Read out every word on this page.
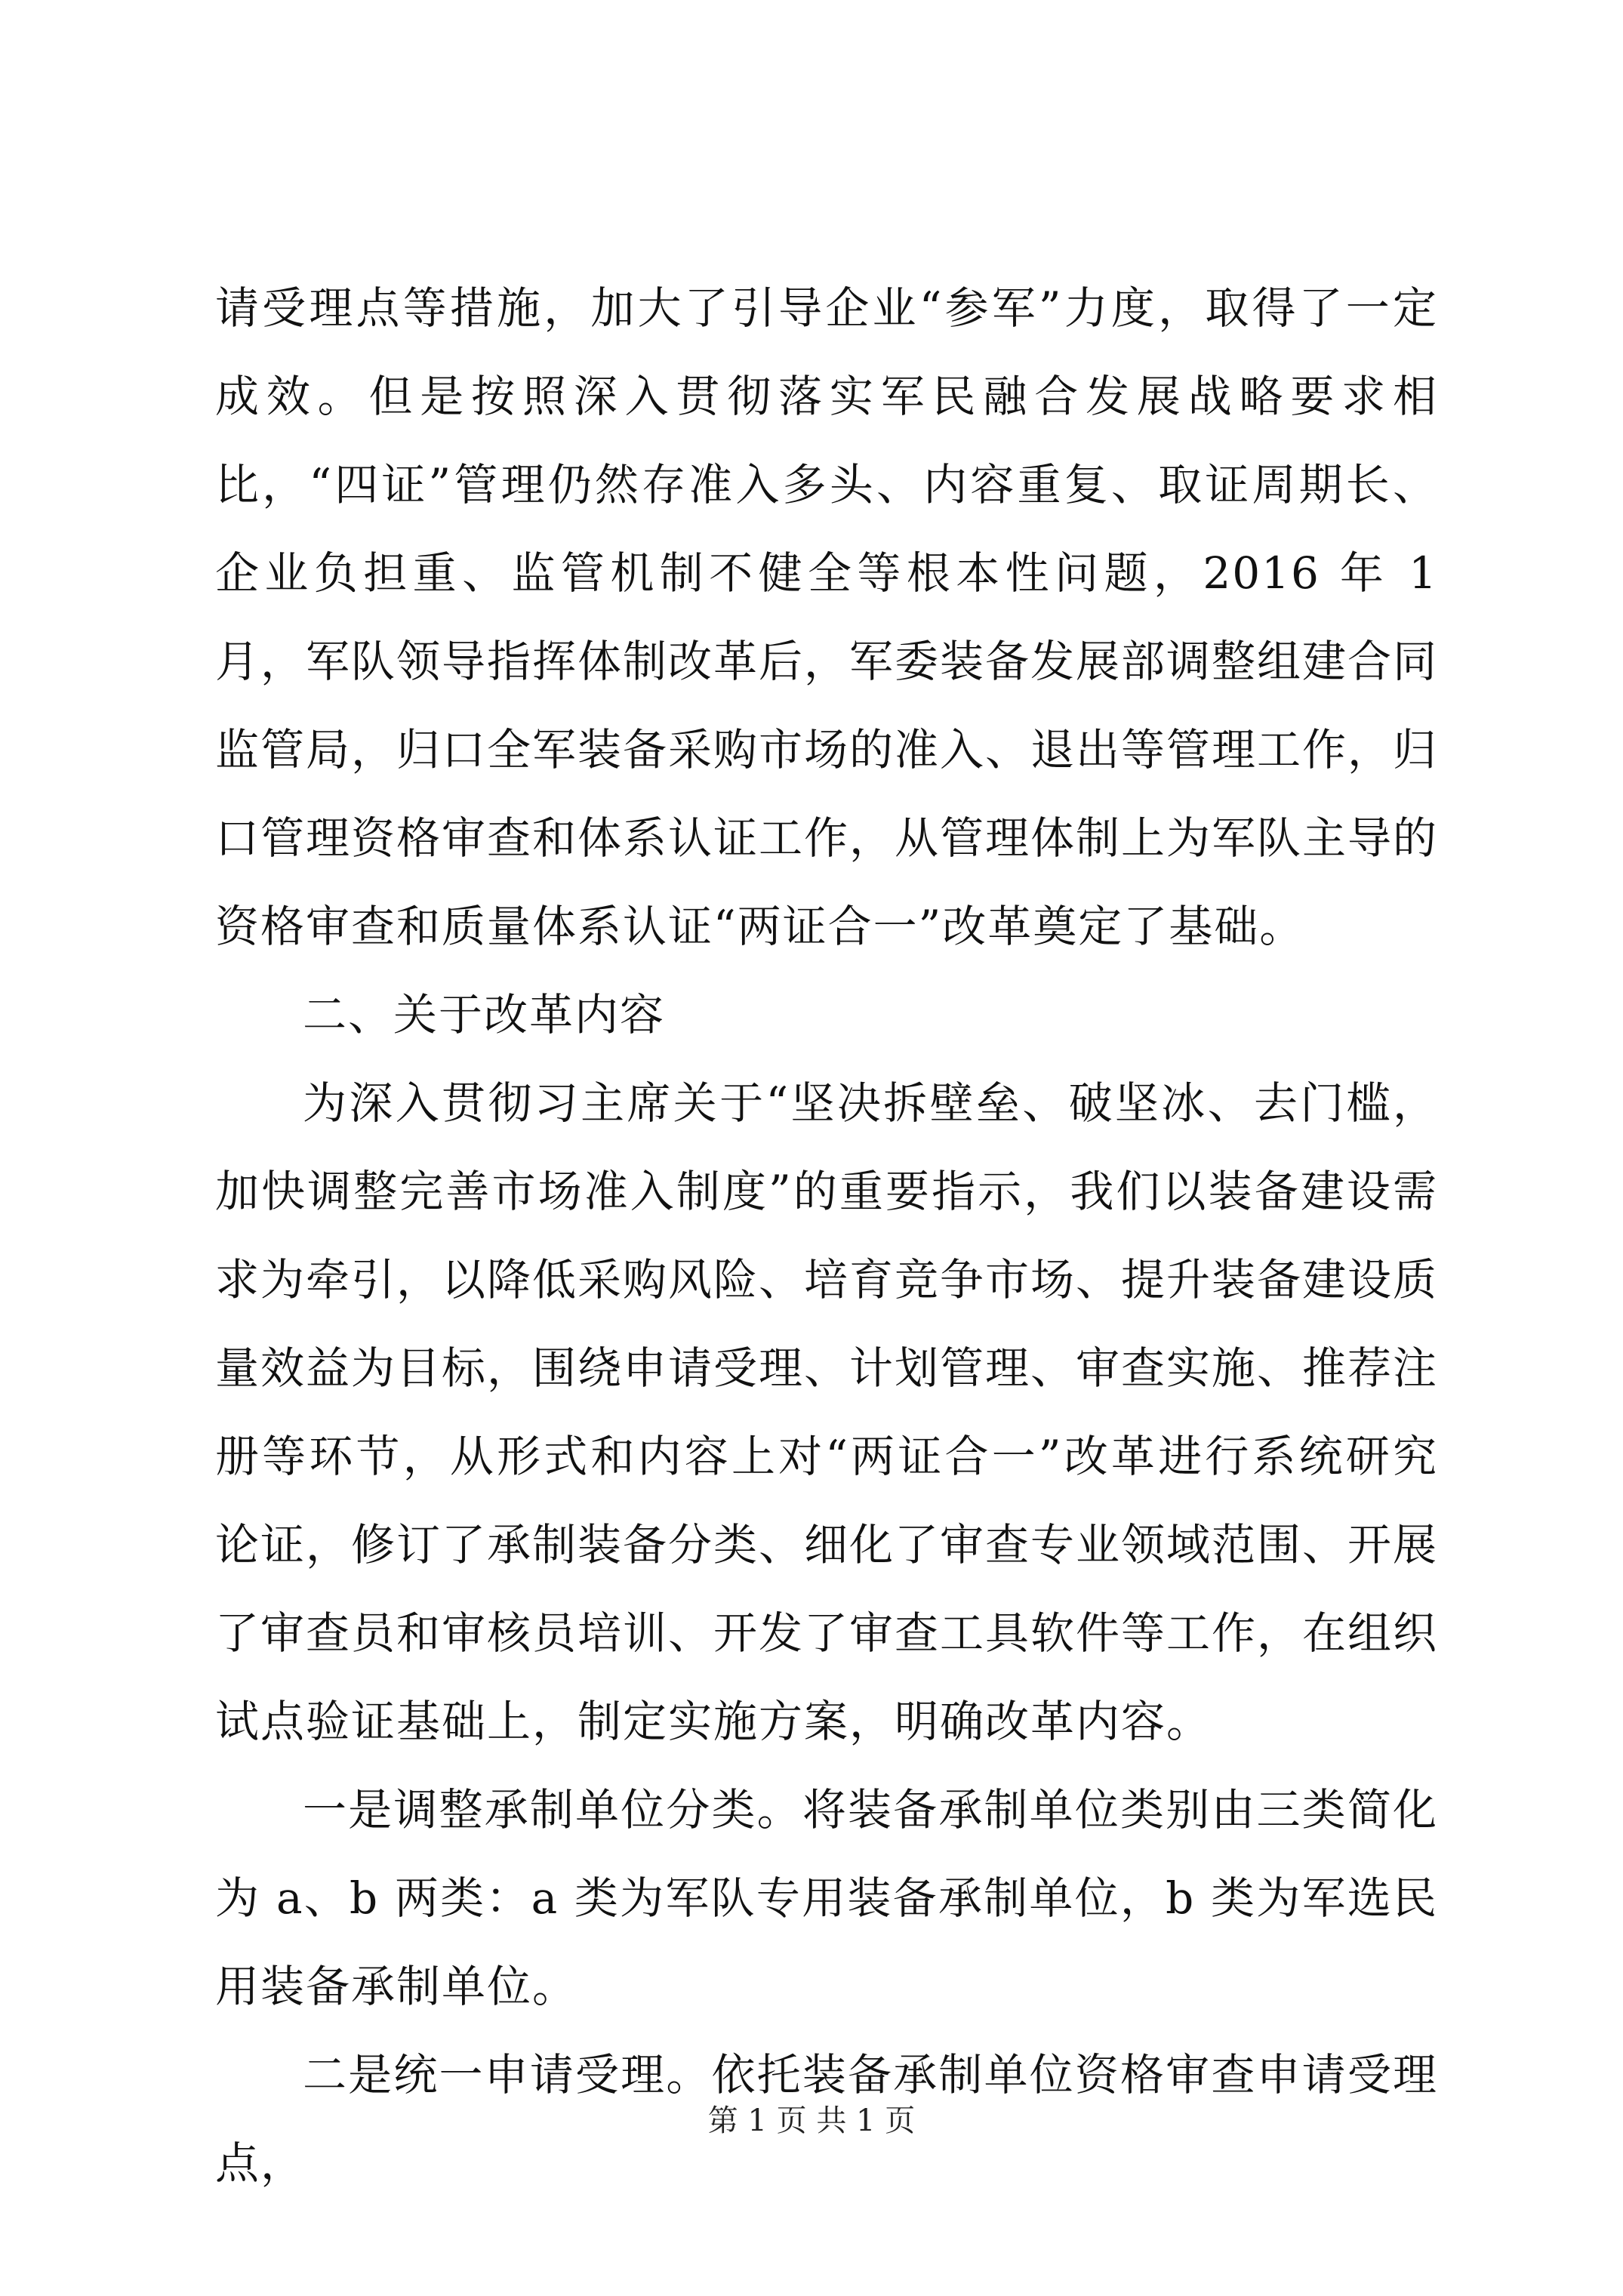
请受理点等措施，加大了引导企业“参军”力度，取得了一定成效。但是按照深入贯彻落实军民融合发展战略要求相比，“四证”管理仍然存准入多头、内容重复、取证周期长、企业负担重、监管机制不健全等根本性问题，2016 年 1 月，军队领导指挥体制改革后，军委装备发展部调整组建合同监管局，归口全军装备采购市场的准入、退出等管理工作，归口管理资格审查和体系认证工作，从管理体制上为军队主导的资格审查和质量体系认证“两证合一”改革奠定了基础。

二、关于改革内容

为深入贯彻习主席关于“坚决拆壁垒、破坚冰、去门槛，加快调整完善市场准入制度”的重要指示，我们以装备建设需求为牵引，以降低采购风险、培育竞争市场、提升装备建设质量效益为目标，围绕申请受理、计划管理、审查实施、推荐注册等环节，从形式和内容上对“两证合一”改革进行系统研究论证，修订了承制装备分类、细化了审查专业领域范围、开展了审查员和审核员培训、开发了审查工具软件等工作，在组织试点验证基础上，制定实施方案，明确改革内容。

一是调整承制单位分类。将装备承制单位类别由三类简化为 a、b 两类：a 类为军队专用装备承制单位，b 类为军选民用装备承制单位。

二是统一申请受理。依托装备承制单位资格审查申请受理点，

第 1 页 共 1 页
